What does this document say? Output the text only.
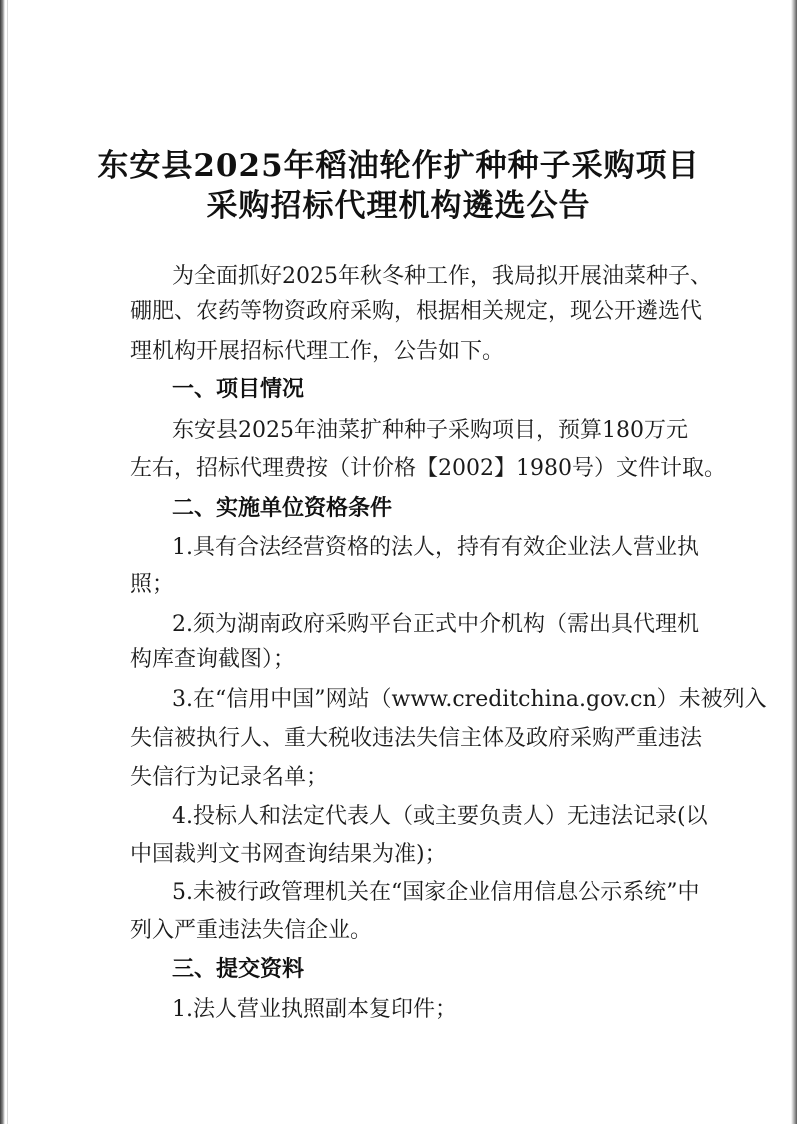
东安县2025年稻油轮作扩种种子采购项目
采购招标代理机构遴选公告

为全面抓好2025年秋冬种工作，我局拟开展油菜种子、

硼肥、农药等物资政府采购，根据相关规定，现公开遴选代

理机构开展招标代理工作，公告如下。

一、项目情况

东安县2025年油菜扩种种子采购项目，预算180万元

左右，招标代理费按（计价格【2002】1980号）文件计取。

二、实施单位资格条件

1.具有合法经营资格的法人，持有有效企业法人营业执

照；

2.须为湖南政府采购平台正式中介机构（需出具代理机

构库查询截图）；

3.在“信用中国”网站（www.creditchina.gov.cn）未被列入

失信被执行人、重大税收违法失信主体及政府采购严重违法

失信行为记录名单；

4.投标人和法定代表人（或主要负责人）无违法记录(以

中国裁判文书网查询结果为准)；

5.未被行政管理机关在“国家企业信用信息公示系统”中

列入严重违法失信企业。

三、提交资料

1.法人营业执照副本复印件；
